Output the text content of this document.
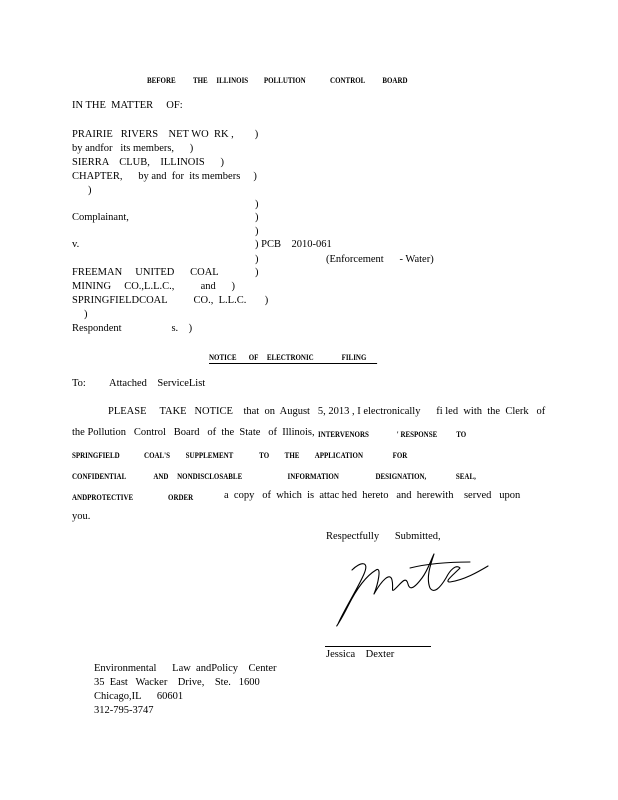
BEFORE          THE     ILLINOIS         POLLUTION              CONTROL          BOARD
IN THE  MATTER     OF:
PRAIRIE   RIVERS    NET WO  RK ,        )
by andfor   its members,      )
SIERRA    CLUB,    ILLINOIS      )
CHAPTER,      by and  for  its members     )
)
)
Complainant,	)
)
v.	) PCB    2010-061
)	(Enforcement      - Water)
FREEMAN     UNITED      COAL	)
MINING     CO.,L.L.C.,          and      )
SPRINGFIELDCOAL          CO.,  L.L.C.       )
)
Respondent                   s.    )
NOTICE       OF     ELECTRONIC                FILING
To: Attached    ServiceList
PLEASE     TAKE   NOTICE    that  on  August   5, 2013 , I electronically      fi led  with  the  Clerk   of
the Pollution   Control   Board   of  the  State   of  Illinois, INTERVENORS                ' RESPONSE           TO
SPRINGFIELD              COAL'S         SUPPLEMENT               TO         THE         APPLICATION                 FOR
CONFIDENTIAL                AND     NONDISCLOSABLE                          INFORMATION                     DESIGNATION,                 SEAL,
ANDPROTECTIVE                    ORDER	a  copy   of  which  is  attac hed  hereto   and  herewith    served   upon
you.
Respectfully      Submitted,
Jessica    Dexter
Environmental      Law  andPolicy    Center
35  East   Wacker    Drive,    Ste.   1600
Chicago,IL      60601
312-795-3747
